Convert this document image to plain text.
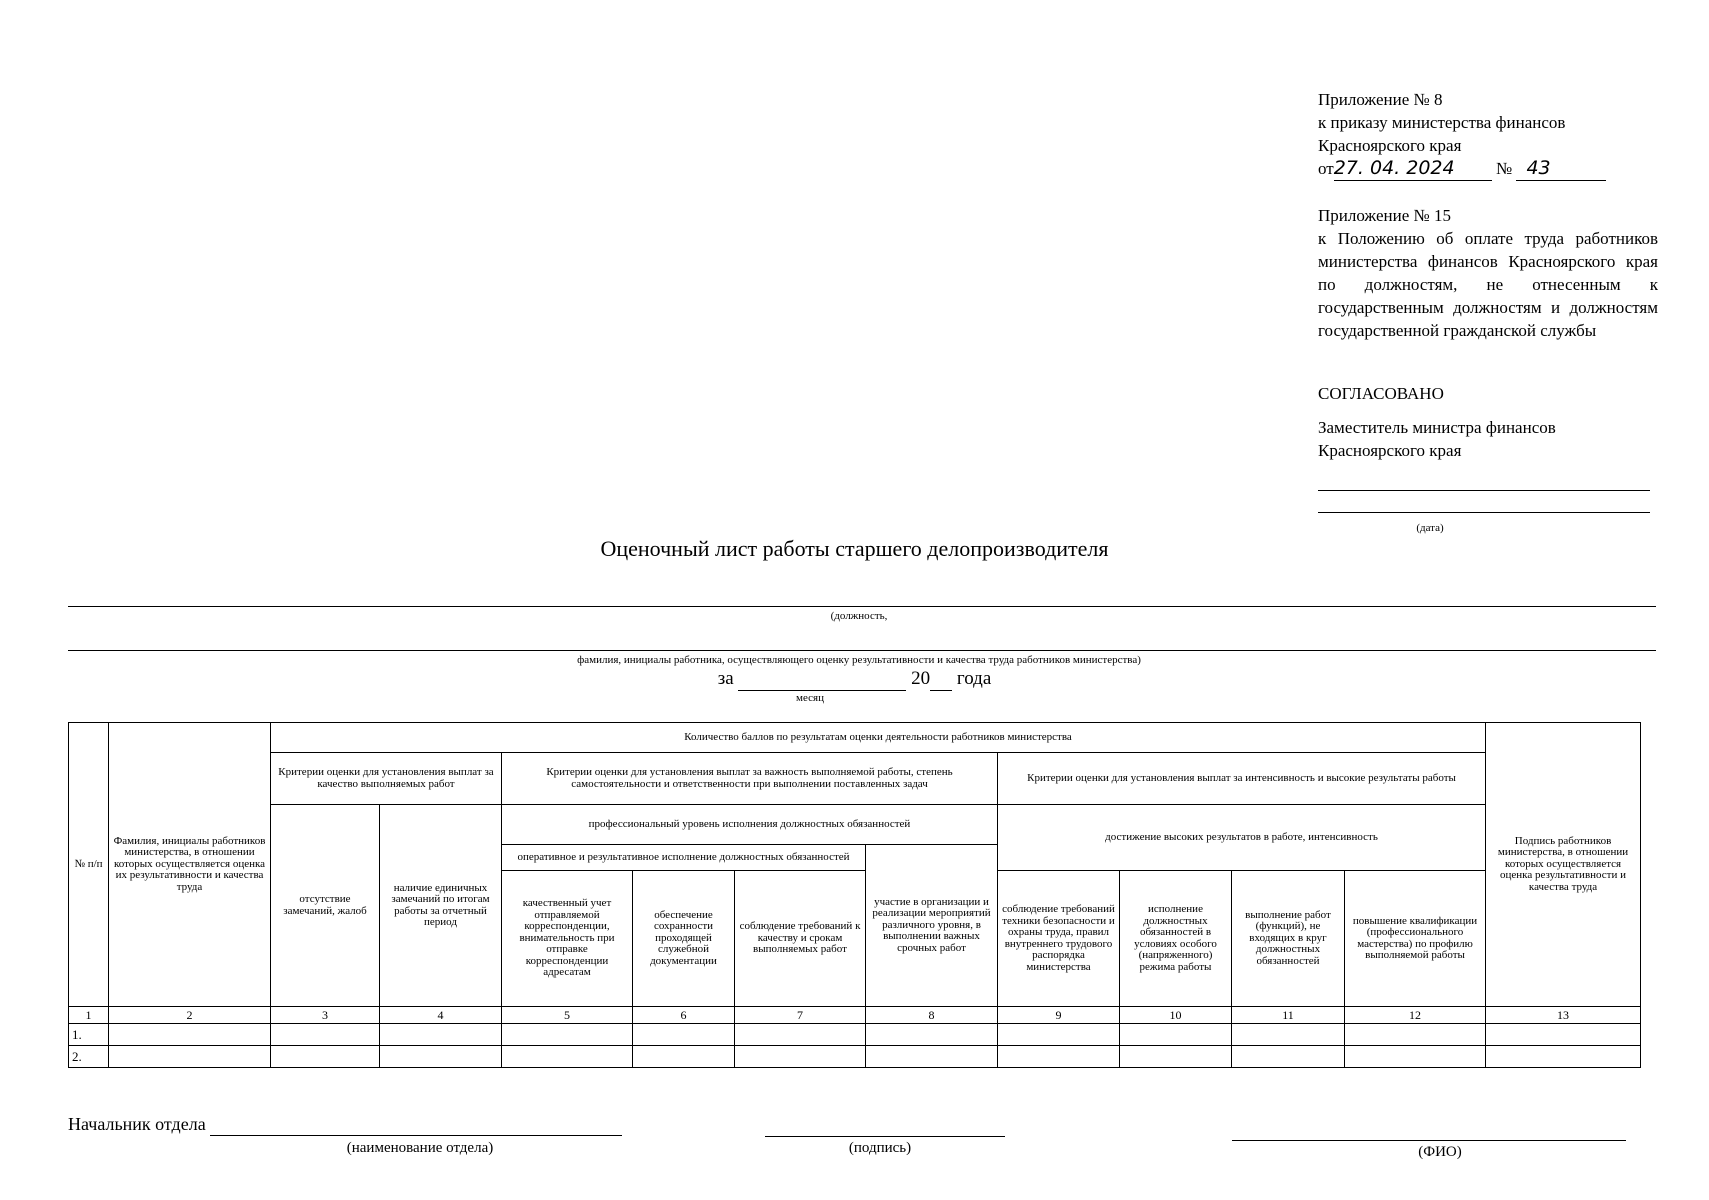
Приложение № 8
к приказу министерства финансов
Красноярского края
от27. 04. 2024 № 43
Приложение № 15
к Положению об оплате труда работников министерства финансов Красноярского края по должностям, не отнесенным к государственным должностям и должностям государственной гражданской службы
СОГЛАСОВАНО
Заместитель министра финансов Красноярского края
(дата)
Оценочный лист работы старшего делопроизводителя
(должность,
фамилия, инициалы работника, осуществляющего оценку результативности и качества труда работников министерства)
за	20 года
месяц
№ п/п	Фамилия, инициалы работников министерства, в отношении которых осуществляется оценка их результативности и качества труда	Количество баллов по результатам оценки деятельности работников министерства										Подпись работников министерства, в отношении которых осуществляется оценка результативности и качества труда
		Критерии оценки для установления выплат за качество выполняемых работ		Критерии оценки для установления выплат за важность выполняемой работы, степень самостоятельности и ответственности при выполнении поставленных задач				Критерии оценки для установления выплат за интенсивность и высокие результаты работы				
		отсутствие замечаний, жалоб	наличие единичных замечаний по итогам работы за отчетный период	профессиональный уровень исполнения должностных обязанностей				достижение высоких результатов в работе, интенсивность				
				оперативное и результативное исполнение должностных обязанностей			участие в организации и реализации мероприятий различного уровня, в выполнении важных срочных работ					
				качественный учет отправляемой корреспонденции, внимательность при отправке корреспонденции адресатам	обеспечение сохранности проходящей служебной документации	соблюдение требований к качеству и срокам выполняемых работ		соблюдение требований техники безопасности и охраны труда, правил внутреннего трудового распорядка министерства	исполнение должностных обязанностей в условиях особого (напряженного) режима работы	выполнение работ (функций), не входящих в круг должностных обязанностей	повышение квалификации (профессионального мастерства) по профилю выполняемой работы	
1	2	3	4	5	6	7	8	9	10	11	12	13
1.												
2.												
Начальник отдела
(наименование отдела)	(подпись)	(ФИО)
